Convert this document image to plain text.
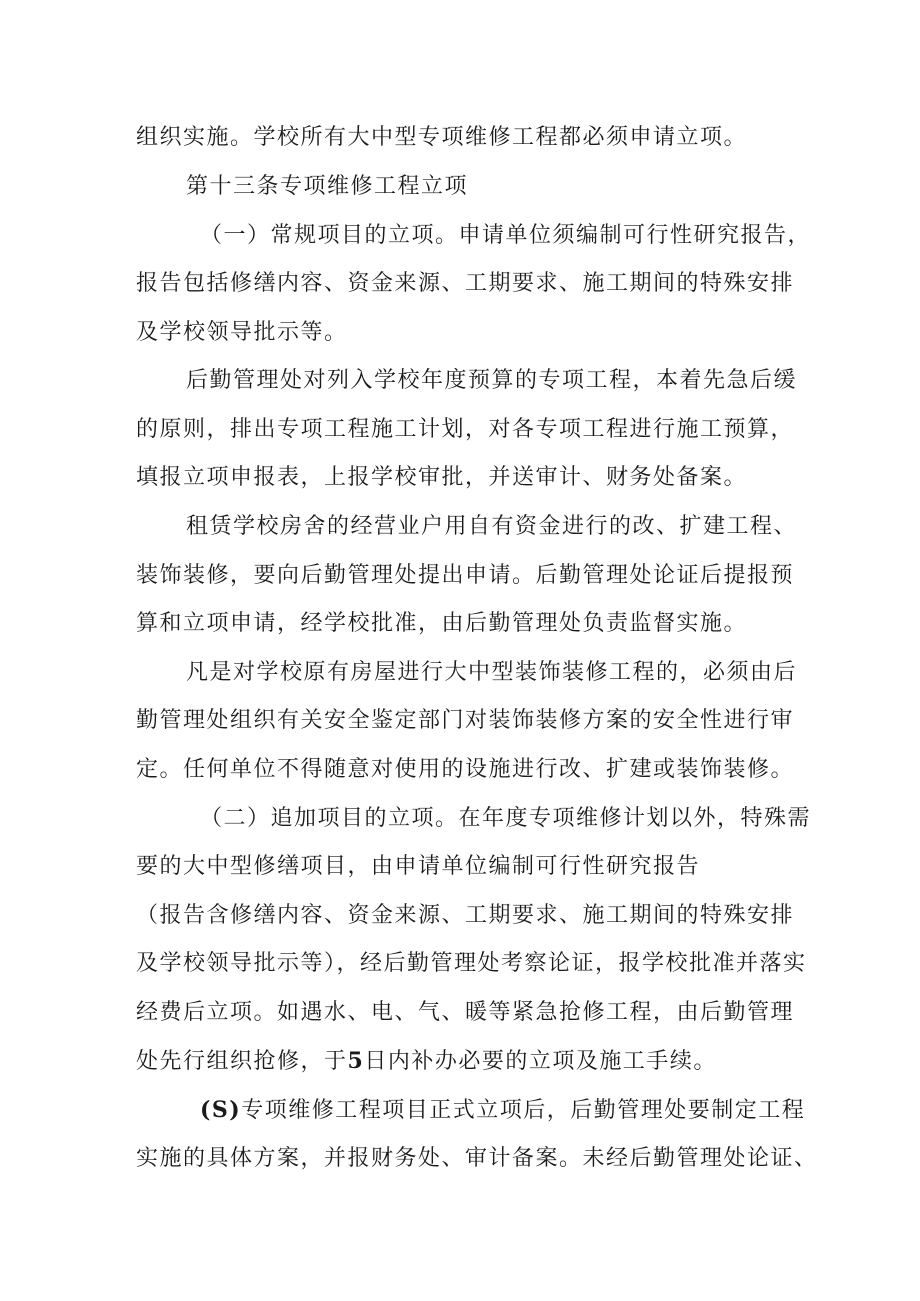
组织实施。学校所有大中型专项维修工程都必须申请立项。
第十三条专项维修工程立项
（一）常规项目的立项。申请单位须编制可行性研究报告，
报告包括修缮内容、资金来源、工期要求、施工期间的特殊安排
及学校领导批示等。
后勤管理处对列入学校年度预算的专项工程，本着先急后缓
的原则，排出专项工程施工计划，对各专项工程进行施工预算，
填报立项申报表，上报学校审批，并送审计、财务处备案。
租赁学校房舍的经营业户用自有资金进行的改、扩建工程、
装饰装修，要向后勤管理处提出申请。后勤管理处论证后提报预
算和立项申请，经学校批准，由后勤管理处负责监督实施。
凡是对学校原有房屋进行大中型装饰装修工程的，必须由后
勤管理处组织有关安全鉴定部门对装饰装修方案的安全性进行审
定。任何单位不得随意对使用的设施进行改、扩建或装饰装修。
（二）追加项目的立项。在年度专项维修计划以外，特殊需
要的大中型修缮项目，由申请单位编制可行性研究报告
（报告含修缮内容、资金来源、工期要求、施工期间的特殊安排
及学校领导批示等），经后勤管理处考察论证，报学校批准并落实
经费后立项。如遇水、电、气、暖等紧急抢修工程，由后勤管理
处先行组织抢修，于5日内补办必要的立项及施工手续。
(S)专项维修工程项目正式立项后，后勤管理处要制定工程
实施的具体方案，并报财务处、审计备案。未经后勤管理处论证、
